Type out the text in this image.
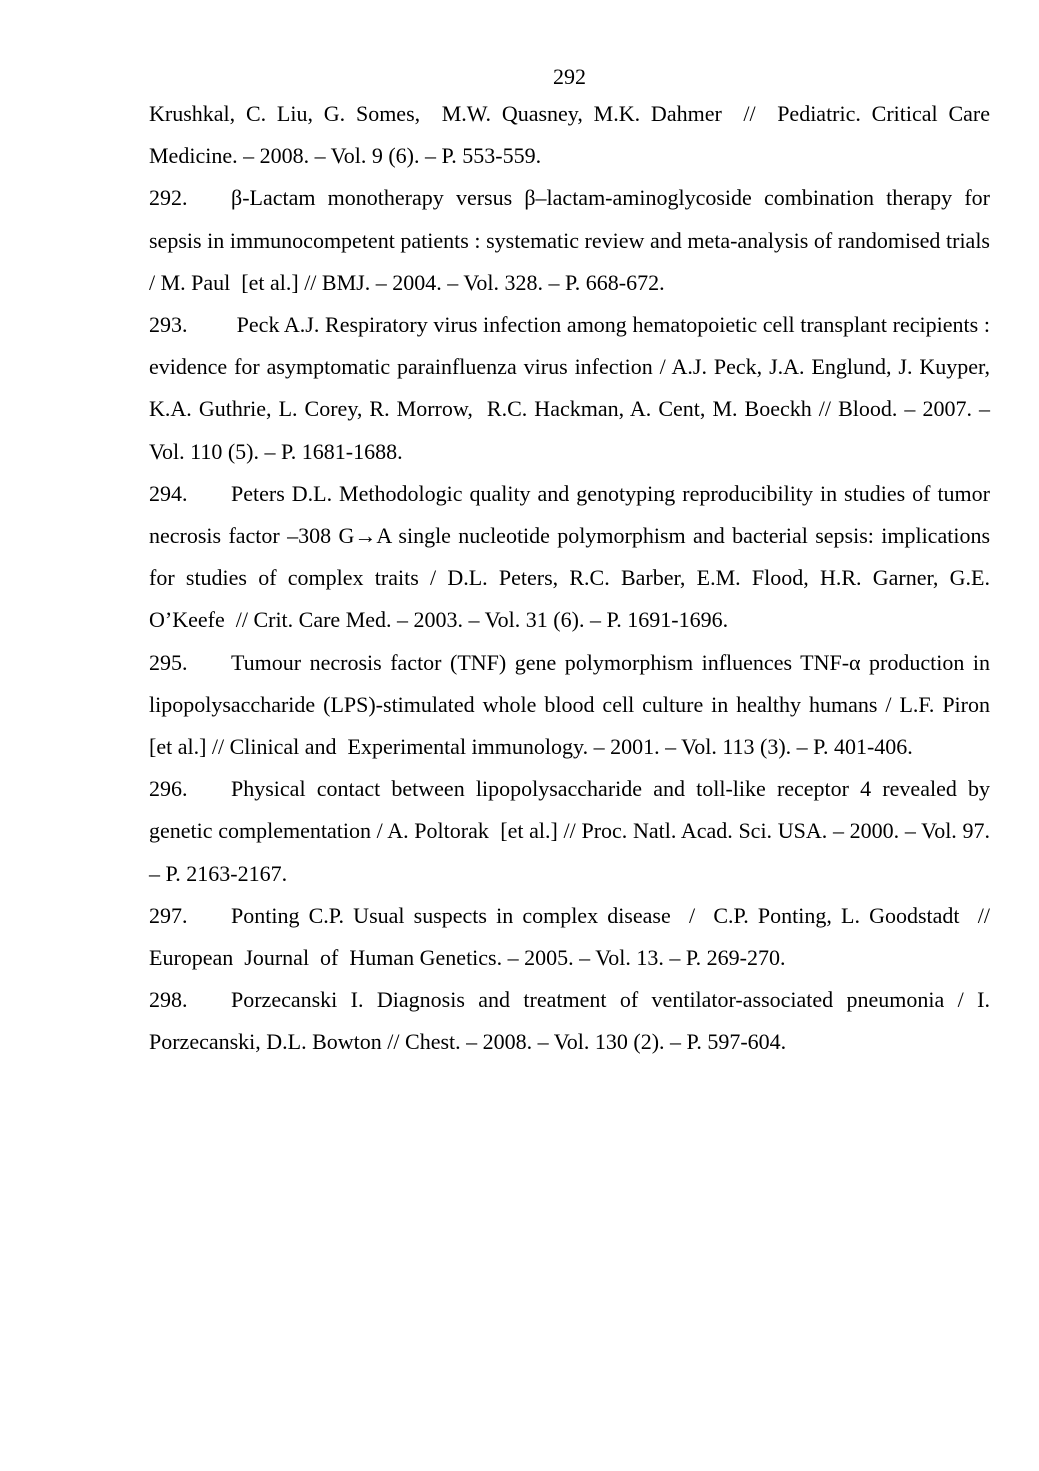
292

Krushkal, C. Liu, G. Somes,  M.W. Quasney, M.K. Dahmer  //  Pediatric. Critical Care Medicine. – 2008. – Vol. 9 (6). – P. 553-559.

292. β-Lactam monotherapy versus β–lactam-aminoglycoside combination therapy for sepsis in immunocompetent patients : systematic review and meta-analysis of randomised trials / M. Paul  [et al.] // BMJ. – 2004. – Vol. 328. – P. 668-672.

293. Peck A.J. Respiratory virus infection among hematopoietic cell transplant recipients :  evidence for asymptomatic parainfluenza virus infection / A.J. Peck, J.A. Englund, J. Kuyper, K.A. Guthrie, L. Corey, R. Morrow,  R.C. Hackman, A. Cent, M. Boeckh // Blood. – 2007. – Vol. 110 (5). – P. 1681-1688.

294. Peters D.L. Methodologic quality and genotyping reproducibility in studies of tumor necrosis factor –308 G→A single nucleotide polymorphism and bacterial sepsis: implications for studies of complex traits / D.L. Peters, R.C. Barber, E.M. Flood, H.R. Garner, G.E. O’Keefe  // Crit. Care Med. – 2003. – Vol. 31 (6). – P. 1691-1696.

295. Tumour necrosis factor (TNF) gene polymorphism influences TNF-α production in lipopolysaccharide (LPS)-stimulated whole blood cell culture in healthy humans / L.F. Piron  [et al.] // Clinical and  Experimental immunology. – 2001. – Vol. 113 (3). – P. 401-406.

296. Physical contact between lipopolysaccharide and toll-like receptor 4 revealed by genetic complementation / A. Poltorak  [et al.] // Proc. Natl. Acad. Sci. USA. – 2000. – Vol. 97. – P. 2163-2167.

297. Ponting C.P. Usual suspects in complex disease  /  C.P. Ponting, L. Goodstadt  //  European  Journal  of  Human Genetics. – 2005. – Vol. 13. – P. 269-270.

298. Porzecanski I. Diagnosis and treatment of ventilator-associated pneumonia / I. Porzecanski, D.L. Bowton // Chest. – 2008. – Vol. 130 (2). – P. 597-604.
